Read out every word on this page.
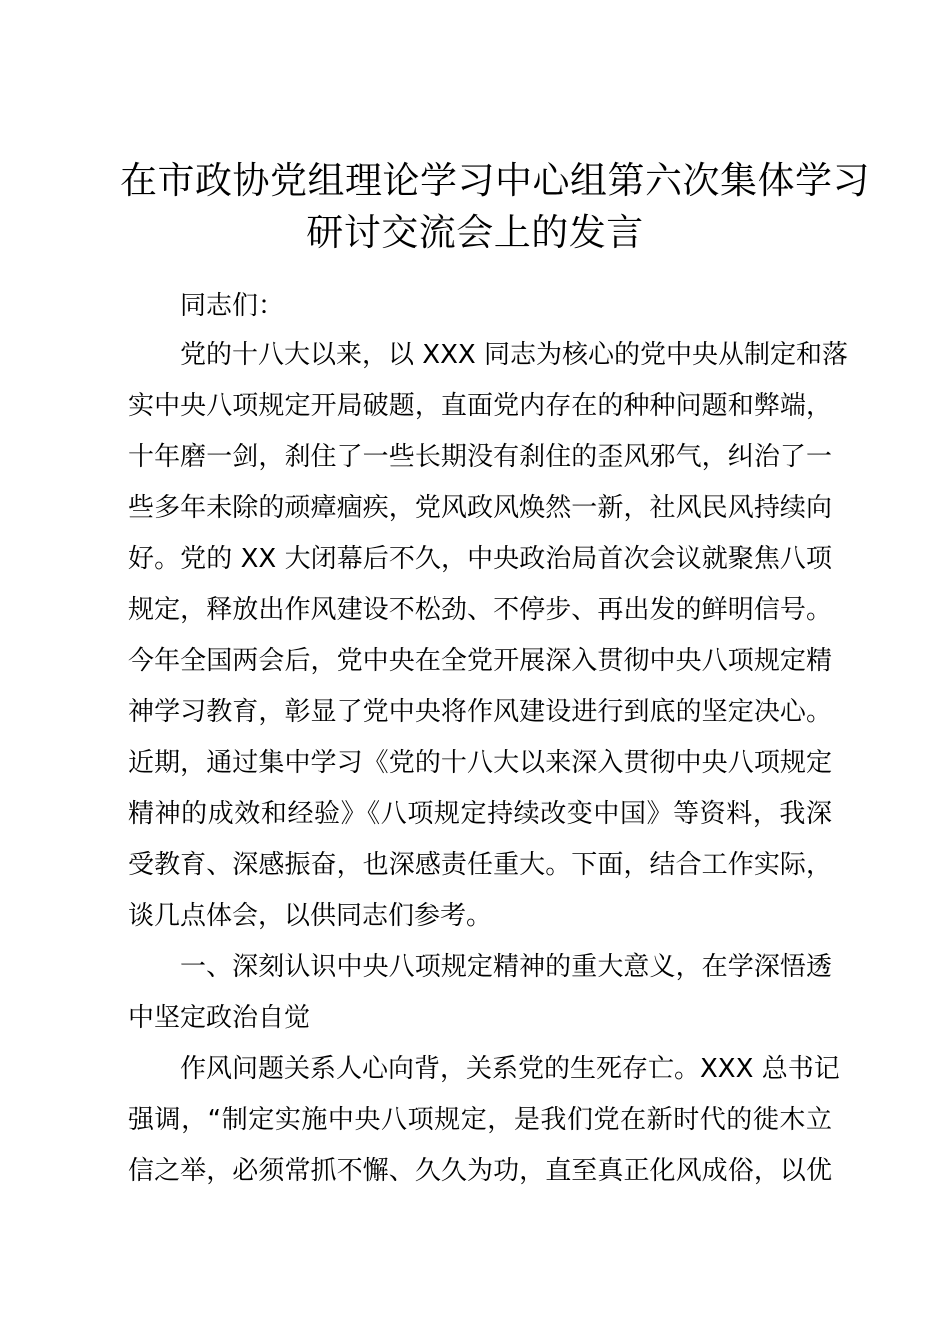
在市政协党组理论学习中心组第六次集体学习
研讨交流会上的发言
同志们：
党的十八大以来，以 XXX 同志为核心的党中央从制定和落
实中央八项规定开局破题，直面党内存在的种种问题和弊端，
十年磨一剑，刹住了一些长期没有刹住的歪风邪气，纠治了一
些多年未除的顽瘴痼疾，党风政风焕然一新，社风民风持续向
好。党的 XX 大闭幕后不久，中央政治局首次会议就聚焦八项
规定，释放出作风建设不松劲、不停步、再出发的鲜明信号。
今年全国两会后，党中央在全党开展深入贯彻中央八项规定精
神学习教育，彰显了党中央将作风建设进行到底的坚定决心。
近期，通过集中学习《党的十八大以来深入贯彻中央八项规定
精神的成效和经验》《八项规定持续改变中国》等资料，我深
受教育、深感振奋，也深感责任重大。下面，结合工作实际，
谈几点体会，以供同志们参考。
一、深刻认识中央八项规定精神的重大意义，在学深悟透
中坚定政治自觉
作风问题关系人心向背，关系党的生死存亡。XXX 总书记
强调，“制定实施中央八项规定，是我们党在新时代的徙木立
信之举，必须常抓不懈、久久为功，直至真正化风成俗，以优
